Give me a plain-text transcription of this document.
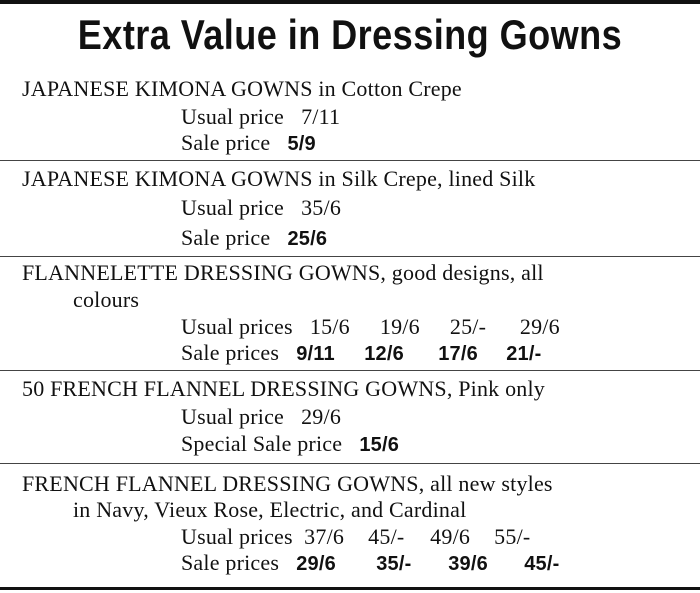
Extra Value in Dressing Gowns
JAPANESE KIMONA GOWNS in Cotton Crepe
Usual price 7/11
Sale price 5/9
JAPANESE KIMONA GOWNS in Silk Crepe, lined Silk
Usual price 35/6
Sale price 25/6
FLANNELETTE DRESSING GOWNS, good designs, all
colours
Usual prices 15/6 19/6 25/- 29/6
Sale prices 9/11 12/6 17/6 21/-
50 FRENCH FLANNEL DRESSING GOWNS, Pink only
Usual price 29/6
Special Sale price 15/6
FRENCH FLANNEL DRESSING GOWNS, all new styles
in Navy, Vieux Rose, Electric, and Cardinal
Usual prices 37/6 45/- 49/6 55/-
Sale prices 29/6 35/- 39/6 45/-
